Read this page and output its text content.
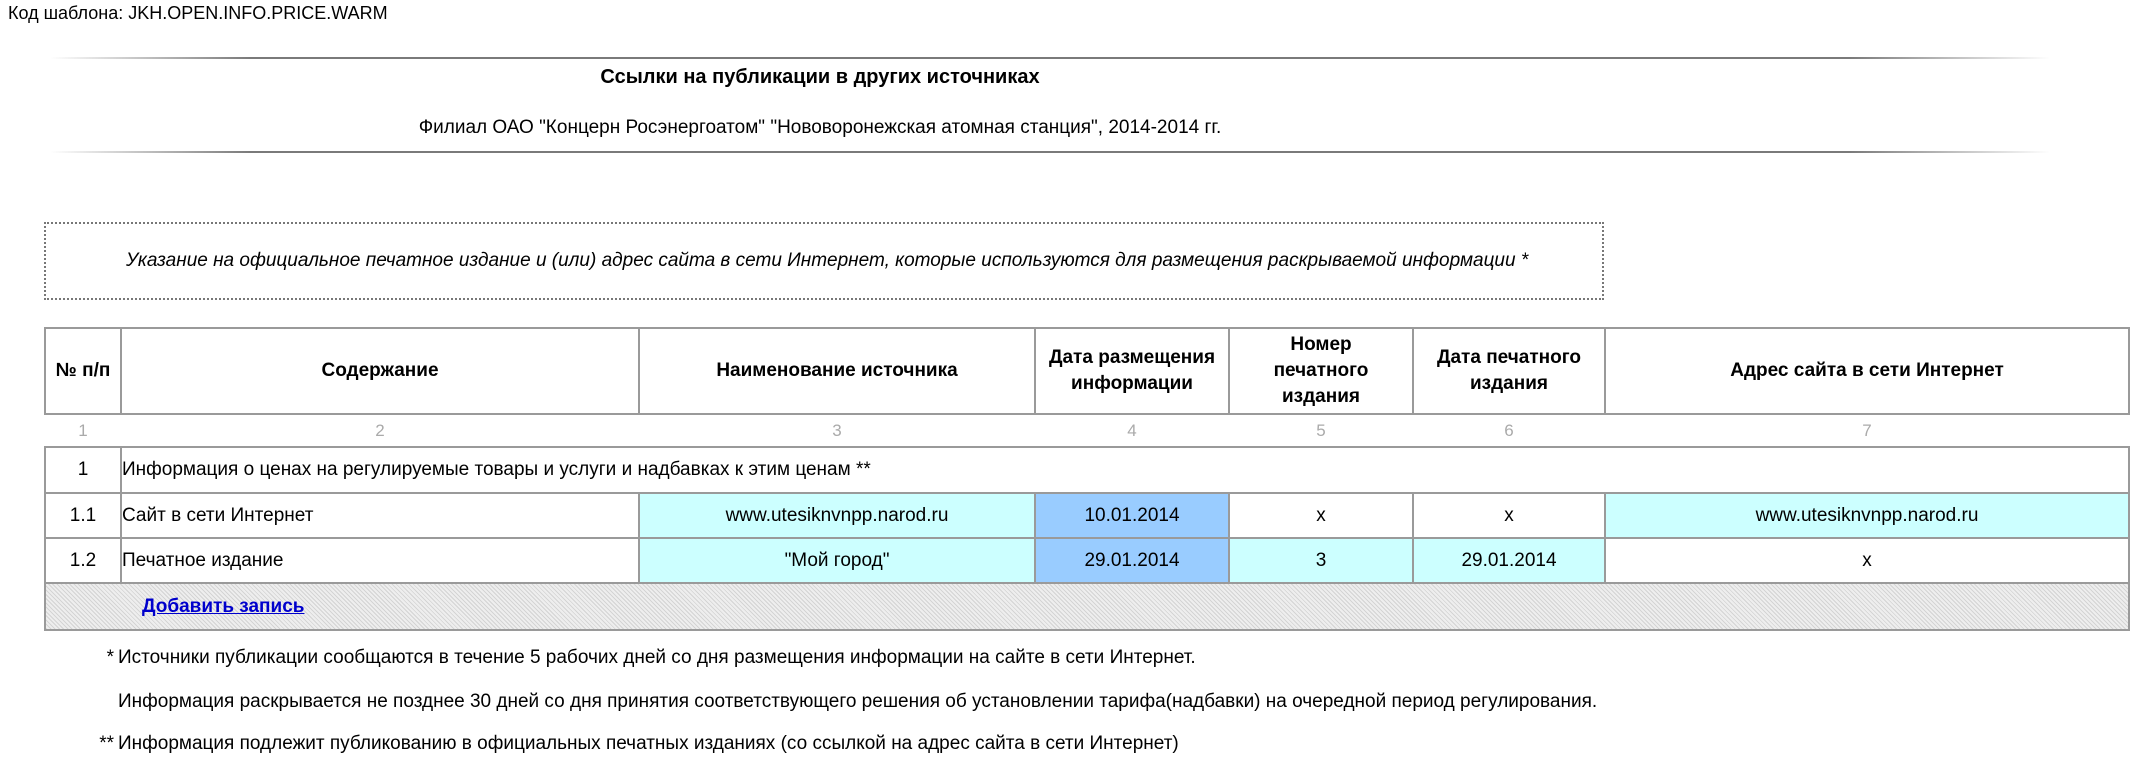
Код шаблона: JKH.OPEN.INFO.PRICE.WARM
Ссылки на публикации в других источниках
Филиал ОАО "Концерн Росэнергоатом" "Нововоронежская атомная станция", 2014-2014 гг.
Указание на официальное печатное издание и (или) адрес сайта в сети Интернет, которые используются для размещения раскрываемой информации *
№ п/п	Содержание	Наименование источника	Дата размещения информации	Номер печатного издания	Дата печатного издания	Адрес сайта в сети Интернет
1	2	3	4	5	6	7
1	Информация о ценах на регулируемые товары и услуги и надбавках к этим ценам **					
1.1	Сайт в сети Интернет	www.utesiknvnpp.narod.ru	10.01.2014	x	x	www.utesiknvnpp.narod.ru
1.2	Печатное издание	"Мой город"	29.01.2014	3	29.01.2014	x
Добавить запись						
* Источники публикации сообщаются в течение 5 рабочих дней со дня размещения информации на сайте в сети Интернет.
Информация раскрывается не позднее 30 дней со дня принятия соответствующего решения об установлении тарифа(надбавки) на очередной период регулирования.
** Информация подлежит публикованию в официальных печатных изданиях (со ссылкой на адрес сайта в сети Интернет)
